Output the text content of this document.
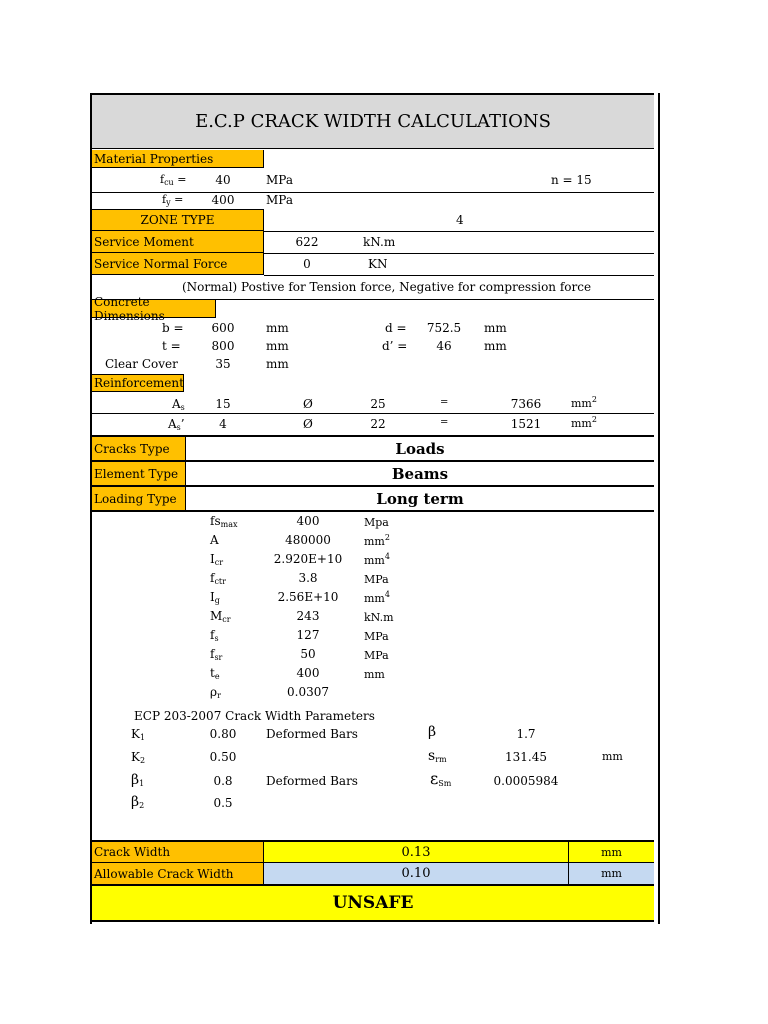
E.C.P CRACK WIDTH CALCULATIONS
Material Properties
$f_{cu}$ =	40	MPa	n = 15
$f_y$ =	400	MPa
ZONE TYPE	4
Service Moment	622	kN.m
Service Normal Force	0	KN
(Normal) Postive for Tension force, Negative for compression force
Concrete Dimensions
b =	600	mm	d =	752.5	mm
t =	800	mm	d’ =	46	mm
Clear Cover	35	mm
Reinforcement
$A_s$	15	Ø	25	=	7366	$mm^2$
$A_s$’	4	Ø	22	=	1521	$mm^2$
Cracks Type	Loads
Element Type	Beams
Loading Type	Long term
$fs_{max}$	400	Mpa
A	480000	$mm^2$
$I_{cr}$	2.920E+10	$mm^4$
$f_{ctr}$	3.8	MPa
$I_g$	2.56E+10	$mm^4$
$M_{cr}$	243	kN.m
$f_s$	127	MPa
$f_{sr}$	50	MPa
$t_e$	400	mm
$\rho_r$	0.0307
ECP 203-2007 Crack Width Parameters
$K_1$	0.80 Deformed Bars	β	1.7
$K_2$	0.50	$s_{rm}$	131.45	mm
$\beta_1$	0.8	Deformed Bars	$\varepsilon_{Sm}$	0.0005984
$\beta_2$	0.5
Crack Width	0.13	mm
Allowable Crack Width	0.10	mm
UNSAFE
